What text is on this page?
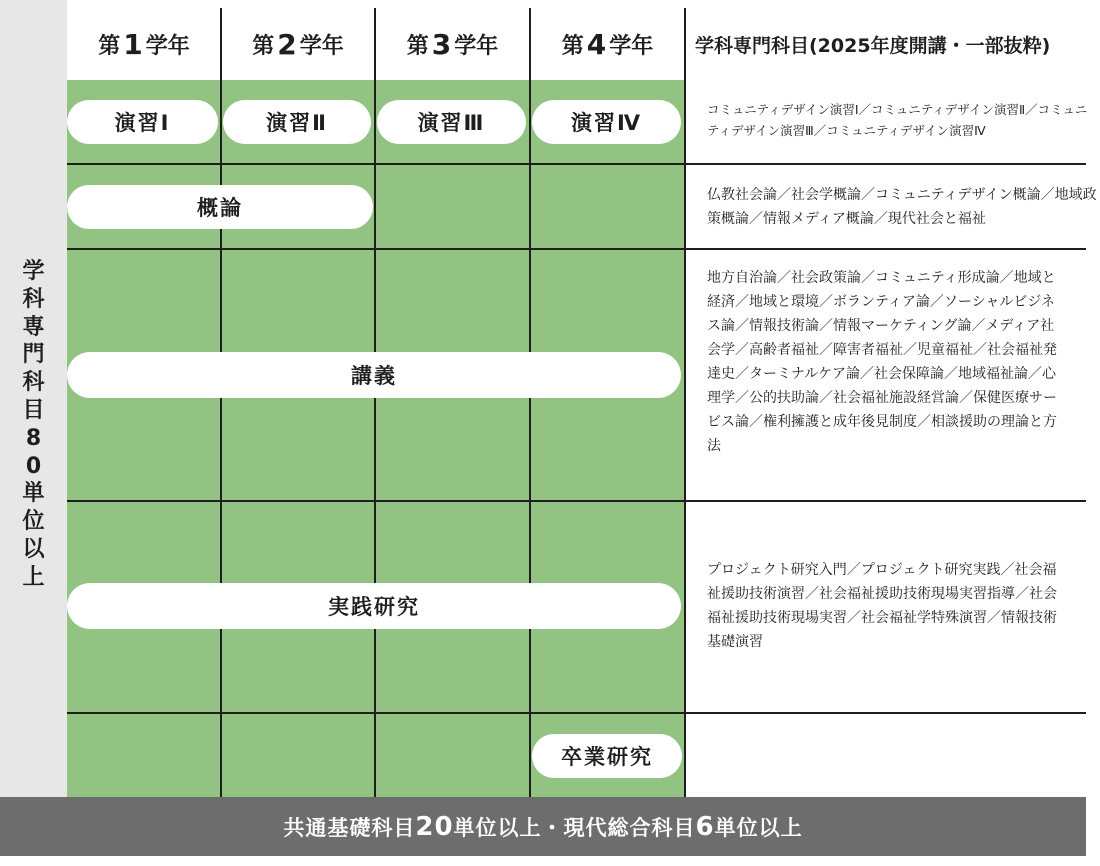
学科専門科目80単位以上
第 1 学年	第 2 学年	第 3 学年	第 4 学年	学科専門科目(2025年度開講・一部抜粋)
演習Ⅰ	演習Ⅱ	演習Ⅲ	演習Ⅳ
コミュニティデザイン演習Ⅰ／コミュニティデザイン演習Ⅱ／コミュニティデザイン演習Ⅲ／コミュニティデザイン演習Ⅳ
概論
仏教社会論／社会学概論／コミュニティデザイン概論／地域政策概論／情報メディア概論／現代社会と福祉
講義
地方自治論／社会政策論／コミュニティ形成論／地域と経済／地域と環境／ボランティア論／ソーシャルビジネス論／情報技術論／情報マーケティング論／メディア社会学／高齢者福祉／障害者福祉／児童福祉／社会福祉発達史／ターミナルケア論／社会保障論／地域福祉論／心理学／公的扶助論／社会福祉施設経営論／保健医療サービス論／権利擁護と成年後見制度／相談援助の理論と方法
実践研究
プロジェクト研究入門／プロジェクト研究実践／社会福祉援助技術演習／社会福祉援助技術現場実習指導／社会福祉援助技術現場実習／社会福祉学特殊演習／情報技術基礎演習
卒業研究
共通基礎科目 20 単位以上・現代総合科目 6 単位以上
